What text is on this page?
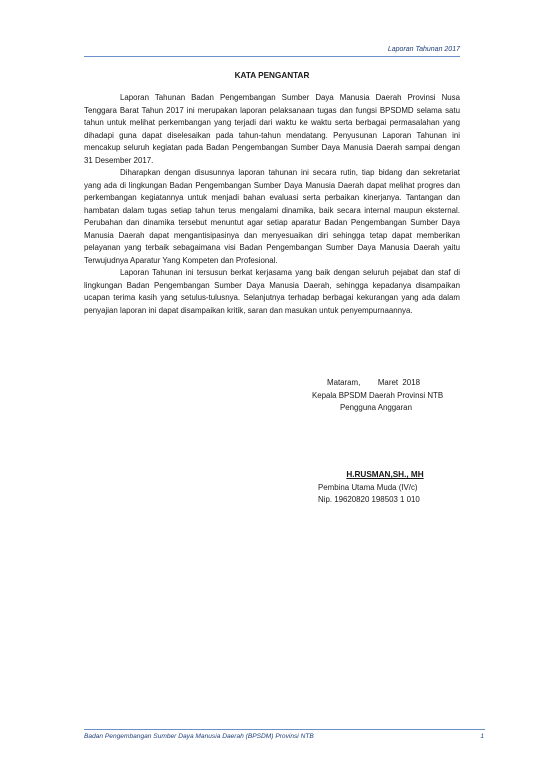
Laporan Tahunan 2017
KATA PENGANTAR

Laporan Tahunan Badan Pengembangan Sumber Daya Manusia Daerah Provinsi Nusa Tenggara Barat Tahun 2017 ini merupakan laporan pelaksanaan tugas dan fungsi BPSDMD selama satu tahun untuk melihat perkembangan yang terjadi dari waktu ke waktu serta berbagai permasalahan yang dihadapi guna dapat diselesaikan pada tahun-tahun mendatang. Penyusunan Laporan Tahunan ini mencakup seluruh kegiatan pada Badan Pengembangan Sumber Daya Manusia Daerah sampai dengan 31 Desember 2017.

Diharapkan dengan disusunnya laporan tahunan ini secara rutin, tiap bidang dan sekretariat yang ada di lingkungan Badan Pengembangan Sumber Daya Manusia Daerah dapat melihat progres dan perkembangan kegiatannya untuk menjadi bahan evaluasi serta perbaikan kinerjanya. Tantangan dan hambatan dalam tugas setiap tahun terus mengalami dinamika, baik secara internal maupun eksternal. Perubahan dan dinamika tersebut menuntut agar setiap aparatur Badan Pengembangan Sumber Daya Manusia Daerah dapat mengantisipasinya dan menyesuaikan diri sehingga tetap dapat memberikan pelayanan yang terbaik sebagaimana visi Badan Pengembangan Sumber Daya Manusia Daerah yaitu Terwujudnya Aparatur Yang Kompeten dan Profesional.

Laporan Tahunan ini tersusun berkat kerjasama yang baik dengan seluruh pejabat dan staf di lingkungan Badan Pengembangan Sumber Daya Manusia Daerah, sehingga kepadanya disampaikan ucapan terima kasih yang setulus-tulusnya. Selanjutnya terhadap berbagai kekurangan yang ada dalam penyajian laporan ini dapat disampaikan kritik, saran dan masukan untuk penyempurnaannya.

Mataram,        Maret  2018
Kepala BPSDM Daerah Provinsi NTB
Pengguna Anggaran
H.RUSMAN,SH., MH
Pembina Utama Muda (IV/c)
Nip. 19620820 198503 1 010
Badan Pengembangan Sumber Daya Manusia Daerah (BPSDM) Provinsi NTB	1
